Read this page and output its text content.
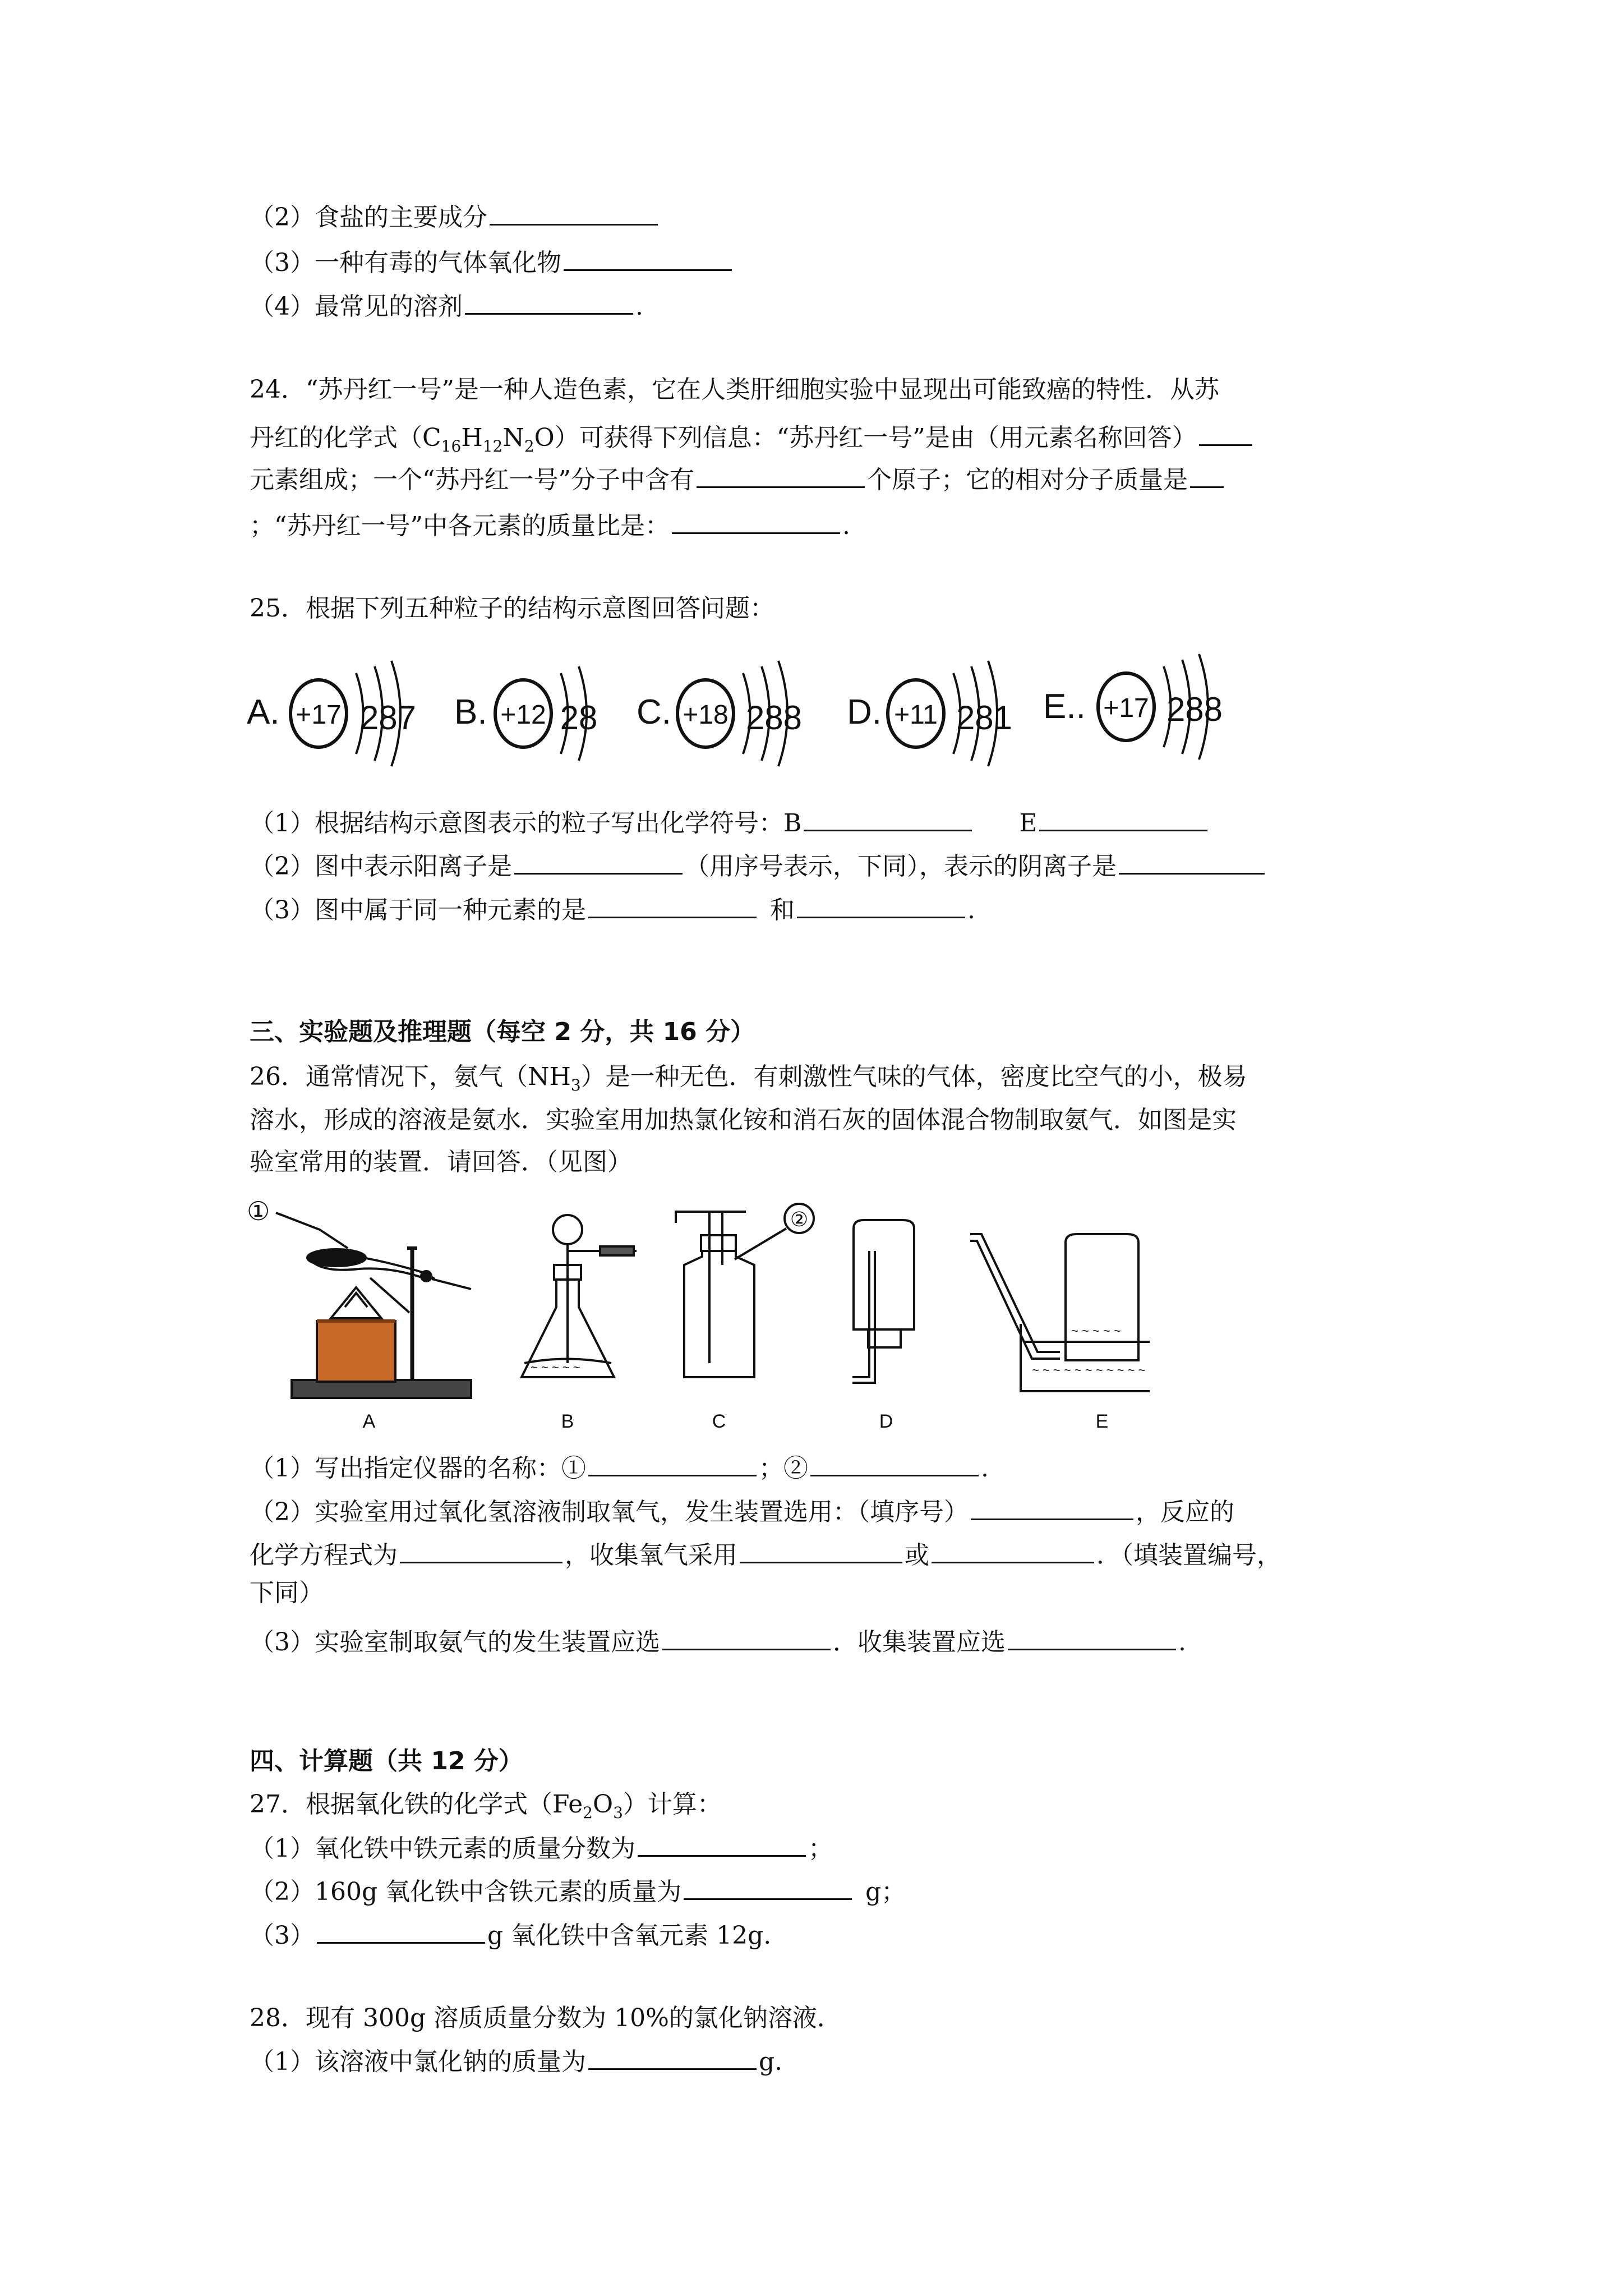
（2）食盐的主要成分
（3）一种有毒的气体氧化物
（4）最常见的溶剂	.
24．“苏丹红一号”是一种人造色素，它在人类肝细胞实验中显现出可能致癌的特性．从苏
丹红的化学式$(C_{16}H_{12}N_2O)$可获得下列信息：“苏丹红一号”是由（用元素名称回答）
元素组成；一个“苏丹红一号”分子中含有	个原子；它的相对分子质量是
；“苏丹红一号”中各元素的质量比是：	.
25．根据下列五种粒子的结构示意图回答问题：
A. +17 287 B. +12 28 C. +18 288 D. +11 281 E.. +17 288
（1）根据结构示意图表示的粒子写出化学符号：B	E
（2）图中表示阳离子是	（用序号表示，下同），表示的阴离子是
（3）图中属于同一种元素的是	和	.
三、实验题及推理题（每空 2 分，共 16 分）
26．通常情况下，氨气$(NH_3)$是一种无色．有刺激性气味的气体，密度比空气的小，极易
溶水，形成的溶液是氨水．实验室用加热氯化铵和消石灰的固体混合物制取氨气．如图是实
验室常用的装置．请回答．（见图）
①
A
~ ~ ~ ~ ~
B
②
C	D
~ ~ ~ ~ ~
~ ~ ~ ~ ~ ~ ~ ~ ~ ~ ~
E
（1）写出指定仪器的名称：①	；②	.
（2）实验室用过氧化氢溶液制取氧气，发生装置选用：（填序号）	，反应的
化学方程式为	，收集氧气采用	或	．（填装置编号，
下同）
（3）实验室制取氨气的发生装置应选	．收集装置应选	.
四、计算题（共 12 分）
27．根据氧化铁的化学式$(Fe_2O_3)$计算：
（1）氧化铁中铁元素的质量分数为	；
（2）160g 氧化铁中含铁元素的质量为	g；
（3）	g 氧化铁中含氧元素 12g.
28．现有 300g 溶质质量分数为 10%的氯化钠溶液．
（1）该溶液中氯化钠的质量为	g.
